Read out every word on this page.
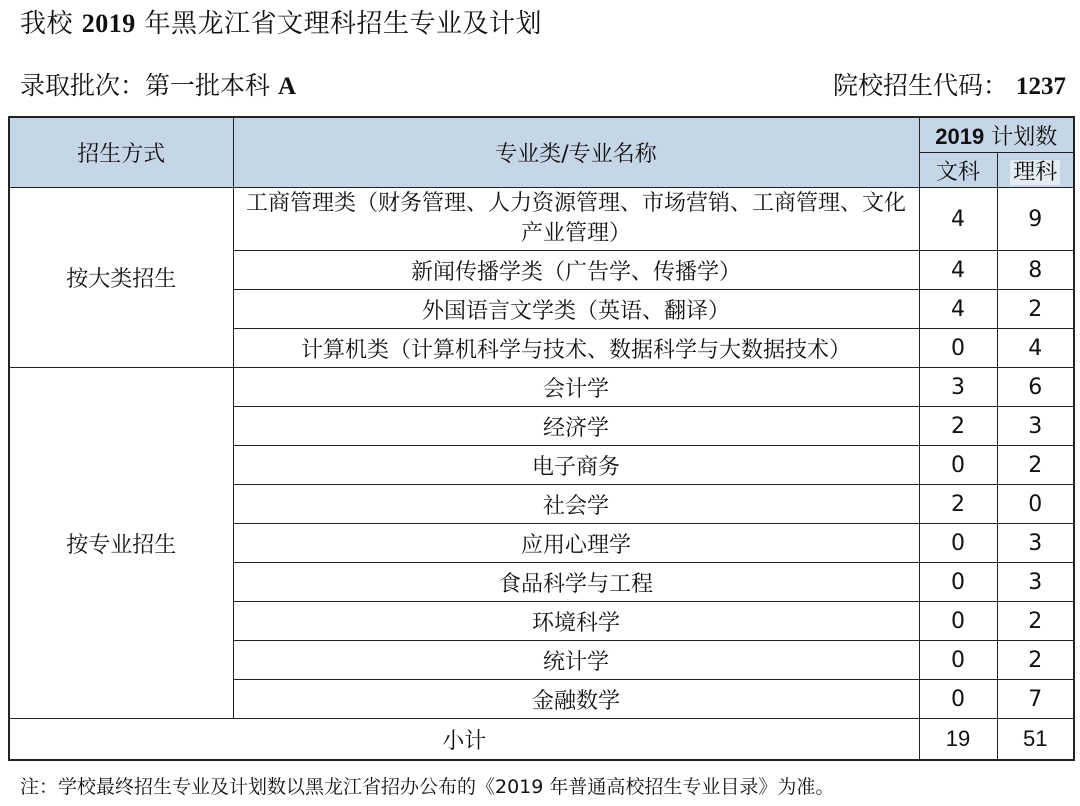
我校 2019 年黑龙江省文理科招生专业及计划
录取批次：第一批本科 A	院校招生代码： 1237
招生方式	专业类/专业名称	2019 计划数	
		文科	理科
按大类招生	工商管理类（财务管理、人力资源管理、市场营销、工商管理、文化产业管理）	4	9
	新闻传播学类（广告学、传播学）	4	8
	外国语言文学类（英语、翻译）	4	2
	计算机类（计算机科学与技术、数据科学与大数据技术）	0	4
按专业招生	会计学	3	6
	经济学	2	3
	电子商务	0	2
	社会学	2	0
	应用心理学	0	3
	食品科学与工程	0	3
	环境科学	0	2
	统计学	0	2
	金融数学	0	7
小计		19	51
注：学校最终招生专业及计划数以黑龙江省招办公布的《2019 年普通高校招生专业目录》为准。
